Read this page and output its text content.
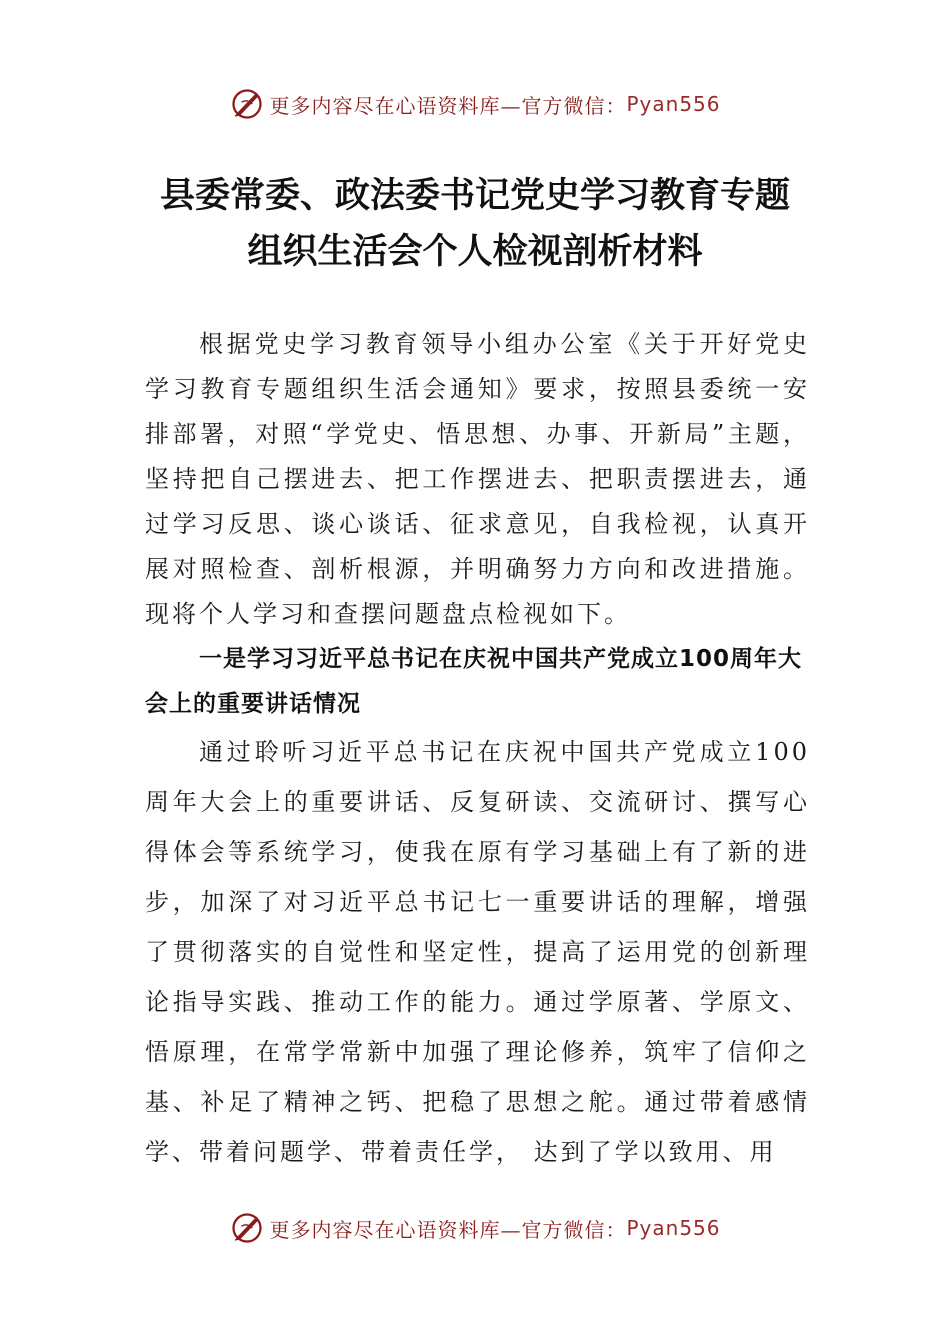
更多内容尽在心语资料库—官方微信： Pyan556
县委常委、政法委书记党史学习教育专题
组织生活会个人检视剖析材料

根据党史学习教育领导小组办公室《关于开好党史学习教育专题组织生活会通知》要求，按照县委统一安排部署，对照“学党史、悟思想、办事、开新局”主题，坚持把自己摆进去、把工作摆进去、把职责摆进去，通过学习反思、谈心谈话、征求意见，自我检视，认真开展对照检查、剖析根源，并明确努力方向和改进措施。现将个人学习和查摆问题盘点检视如下。

一是学习习近平总书记在庆祝中国共产党成立100周年大会上的重要讲话情况

通过聆听习近平总书记在庆祝中国共产党成立100周年大会上的重要讲话、反复研读、交流研讨、撰写心得体会等系统学习，使我在原有学习基础上有了新的进步，加深了对习近平总书记七一重要讲话的理解，增强了贯彻落实的自觉性和坚定性，提高了运用党的创新理论指导实践、推动工作的能力。通过学原著、学原文、悟原理，在常学常新中加强了理论修养，筑牢了信仰之基、补足了精神之钙、把稳了思想之舵。通过带着感情学、带着问题学、带着责任学， 达到了学以致用、用

更多内容尽在心语资料库—官方微信： Pyan556
